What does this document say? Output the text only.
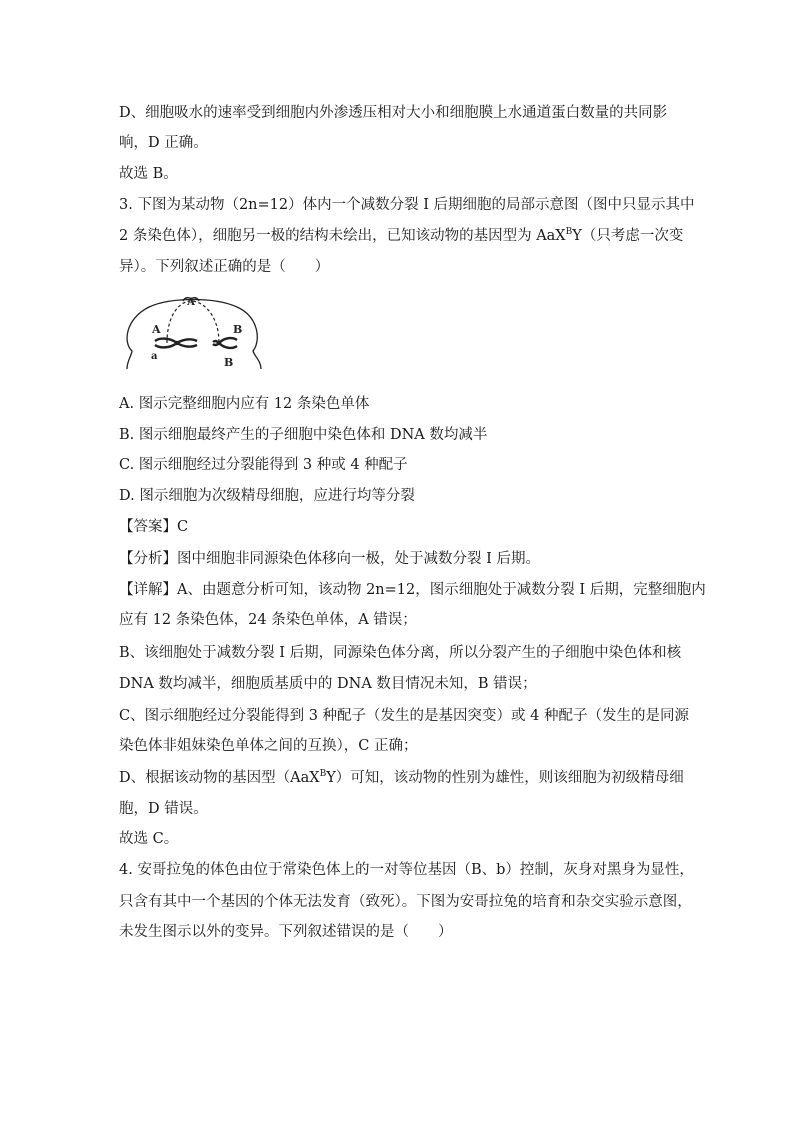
D、细胞吸水的速率受到细胞内外渗透压相对大小和细胞膜上水通道蛋白数量的共同影
响，D 正确。
故选 B。
3. 下图为某动物（2n=12）体内一个减数分裂 I 后期细胞的局部示意图（图中只显示其中
2 条染色体），细胞另一极的结构未绘出，已知该动物的基因型为 AaX$^B$Y（只考虑一次变
异）。下列叙述正确的是（　　）
A
A
a
B
B
A. 图示完整细胞内应有 12 条染色单体
B. 图示细胞最终产生的子细胞中染色体和 DNA 数均减半
C. 图示细胞经过分裂能得到 3 种或 4 种配子
D. 图示细胞为次级精母细胞，应进行均等分裂
【答案】C
【分析】图中细胞非同源染色体移向一极，处于减数分裂 I 后期。
【详解】A、由题意分析可知，该动物 2n=12，图示细胞处于减数分裂 I 后期，完整细胞内
应有 12 条染色体，24 条染色单体，A 错误；
B、该细胞处于减数分裂 I 后期，同源染色体分离，所以分裂产生的子细胞中染色体和核
DNA 数均减半，细胞质基质中的 DNA 数目情况未知，B 错误；
C、图示细胞经过分裂能得到 3 种配子（发生的是基因突变）或 4 种配子（发生的是同源
染色体非姐妹染色单体之间的互换），C 正确；
D、根据该动物的基因型（AaX$^B$Y）可知，该动物的性别为雄性，则该细胞为初级精母细
胞，D 错误。
故选 C。
4. 安哥拉兔的体色由位于常染色体上的一对等位基因（B、b）控制，灰身对黑身为显性，
只含有其中一个基因的个体无法发育（致死）。下图为安哥拉兔的培育和杂交实验示意图，
未发生图示以外的变异。下列叙述错误的是（　　）
